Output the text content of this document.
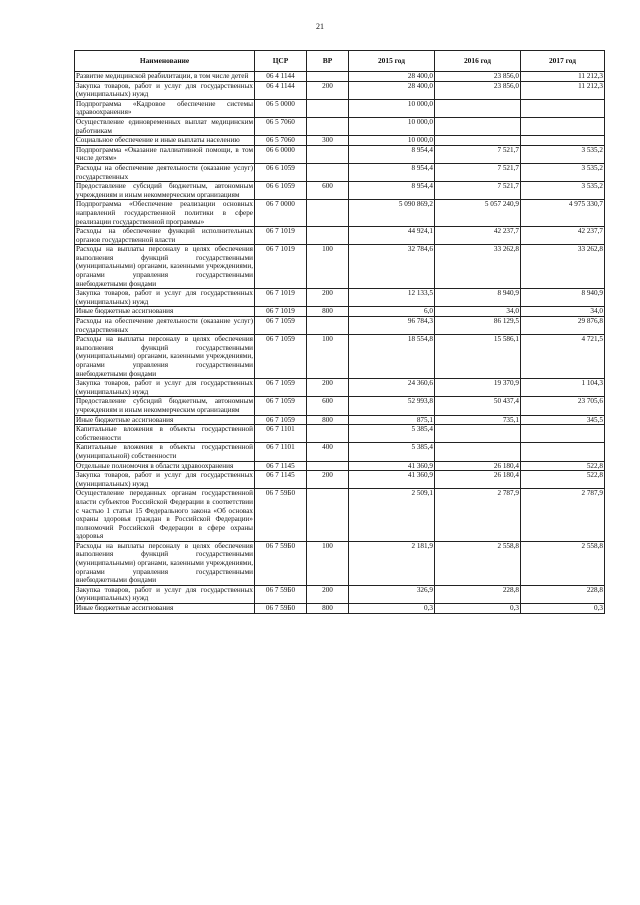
21
Наименование	ЦСР	ВР	2015 год	2016 год	2017 год
Развитие медицинской реабилитации, в том числе детей	06 4 1144		28 400,0	23 856,0	11 212,3
Закупка товаров, работ и услуг для государственных (муниципальных) нужд	06 4 1144	200	28 400,0	23 856,0	11 212,3
Подпрограмма «Кадровое обеспечение системы здравоохранения»	06 5 0000		10 000,0		
Осуществление единовременных выплат медицинским работникам	06 5 7060		10 000,0		
Социальное обеспечение и иные выплаты населению	06 5 7060	300	10 000,0		
Подпрограмма «Оказание паллиативной помощи, в том числе детям»	06 6 0000		8 954,4	7 521,7	3 535,2
Расходы на обеспечение деятельности (оказание услуг) государственных	06 6 1059		8 954,4	7 521,7	3 535,2
Предоставление субсидий бюджетным, автономным учреждениям и иным некоммерческим организациям	06 6 1059	600	8 954,4	7 521,7	3 535,2
Подпрограмма «Обеспечение реализации основных направлений государственной политики в сфере реализации государственной программы»	06 7 0000		5 090 869,2	5 057 240,9	4 975 330,7
Расходы на обеспечение функций исполнительных органов государственной власти	06 7 1019		44 924,1	42 237,7	42 237,7
Расходы на выплаты персоналу в целях обеспечения выполнения функций государственными (муниципальными) органами, казенными учреждениями, органами управления государственными внебюджетными фондами	06 7 1019	100	32 784,6	33 262,8	33 262,8
Закупка товаров, работ и услуг для государственных (муниципальных) нужд	06 7 1019	200	12 133,5	8 940,9	8 940,9
Иные бюджетные ассигнования	06 7 1019	800	6,0	34,0	34,0
Расходы на обеспечение деятельности (оказание услуг) государственных	06 7 1059		96 784,3	86 129,5	29 876,8
Расходы на выплаты персоналу в целях обеспечения выполнения функций государственными (муниципальными) органами, казенными учреждениями, органами управления государственными внебюджетными фондами	06 7 1059	100	18 554,8	15 586,1	4 721,5
Закупка товаров, работ и услуг для государственных (муниципальных) нужд	06 7 1059	200	24 360,6	19 370,9	1 104,3
Предоставление субсидий бюджетным, автономным учреждениям и иным некоммерческим организациям	06 7 1059	600	52 993,8	50 437,4	23 705,6
Иные бюджетные ассигнования	06 7 1059	800	875,1	735,1	345,5
Капитальные вложения в объекты государственной собственности	06 7 1101		5 385,4		
Капитальные вложения в объекты государственной (муниципальной) собственности	06 7 1101	400	5 385,4		
Отдельные полномочия в области здравоохранения	06 7 1145		41 360,9	26 180,4	522,8
Закупка товаров, работ и услуг для государственных (муниципальных) нужд	06 7 1145	200	41 360,9	26 180,4	522,8
Осуществление переданных органам государственной власти субъектов Российской Федерации в соответствии с частью 1 статьи 15 Федерального закона «Об основах охраны здоровья граждан в Российской Федерации» полномочий Российской Федерации в сфере охраны здоровья	06 7 59Б0		2 509,1	2 787,9	2 787,9
Расходы на выплаты персоналу в целях обеспечения выполнения функций государственными (муниципальными) органами, казенными учреждениями, органами управления государственными внебюджетными фондами	06 7 59Б0	100	2 181,9	2 558,8	2 558,8
Закупка товаров, работ и услуг для государственных (муниципальных) нужд	06 7 59Б0	200	326,9	228,8	228,8
Иные бюджетные ассигнования	06 7 59Б0	800	0,3	0,3	0,3
